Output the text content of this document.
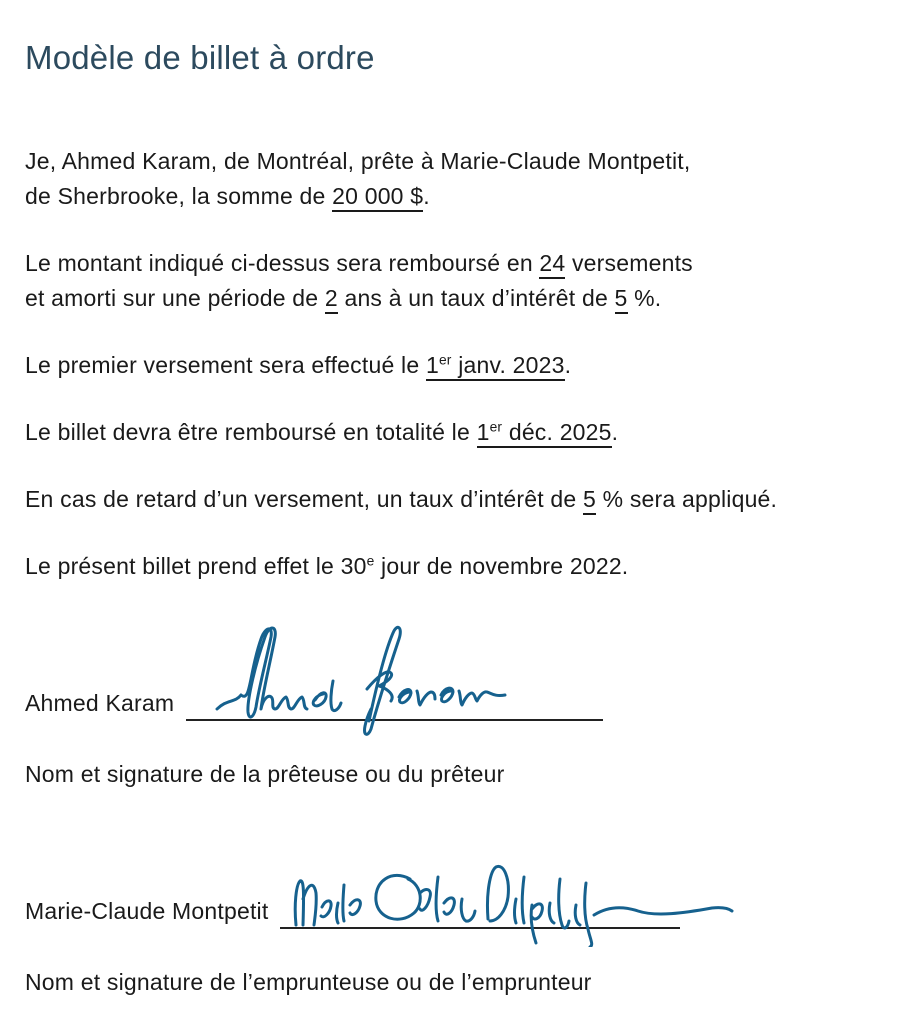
Modèle de billet à ordre

Je, Ahmed Karam, de Montréal, prête à Marie-Claude Montpetit,
de Sherbrooke, la somme de 20 000 $.

Le montant indiqué ci-dessus sera remboursé en 24 versements
et amorti sur une période de 2 ans à un taux d’intérêt de 5 %.

Le premier versement sera effectué le 1er janv. 2023.

Le billet devra être remboursé en totalité le 1er déc. 2025.

En cas de retard d’un versement, un taux d’intérêt de 5 % sera appliqué.

Le présent billet prend effet le 30e jour de novembre 2022.

Ahmed Karam

Nom et signature de la prêteuse ou du prêteur

Marie-Claude Montpetit

Nom et signature de l’emprunteuse ou de l’emprunteur
